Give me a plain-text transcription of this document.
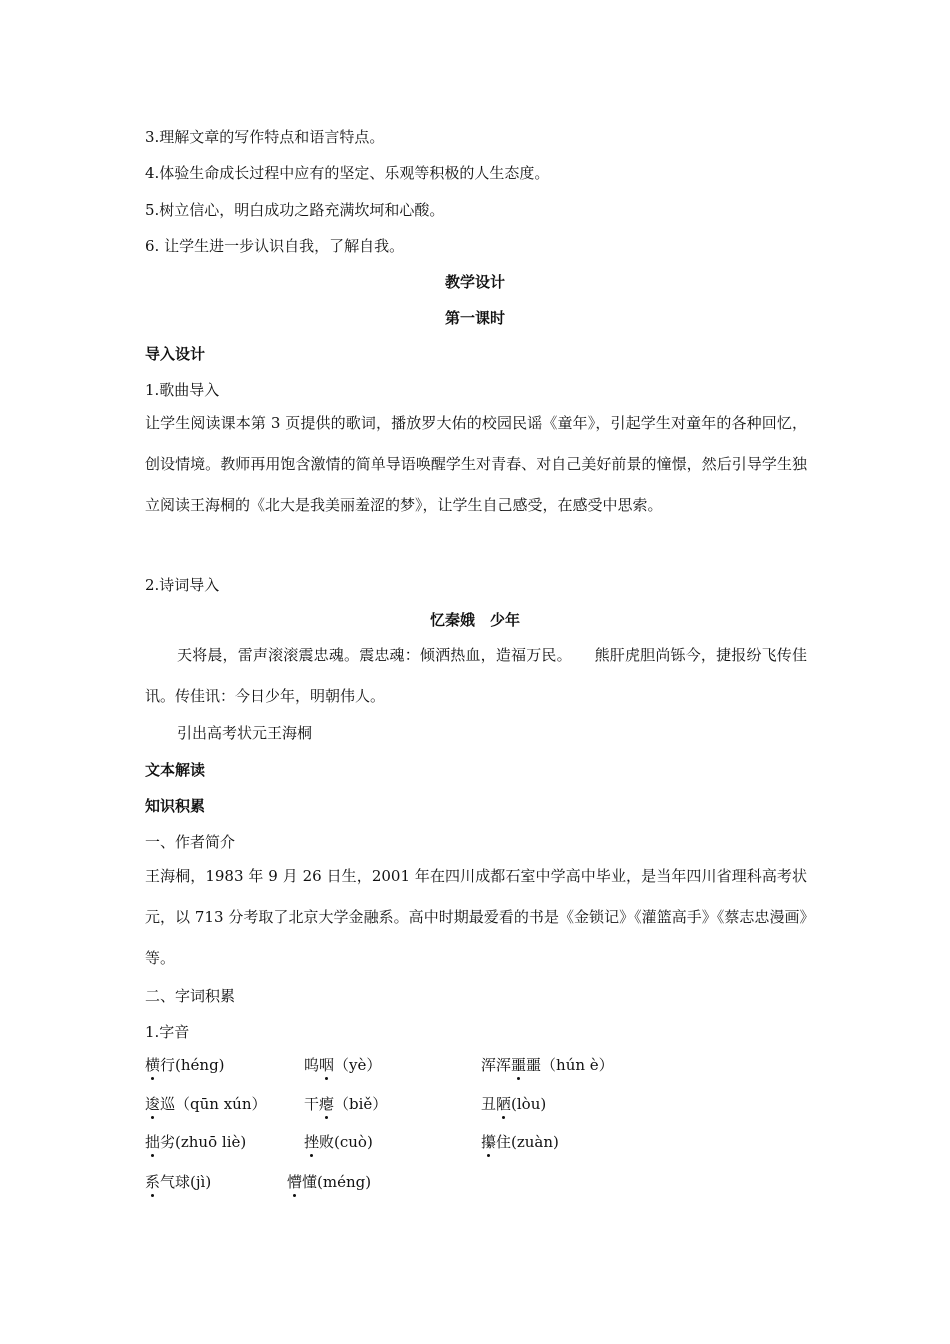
3.理解文章的写作特点和语言特点。
4.体验生命成长过程中应有的坚定、乐观等积极的人生态度。
5.树立信心，明白成功之路充满坎坷和心酸。
6. 让学生进一步认识自我，了解自我。
教学设计
第一课时
导入设计
1.歌曲导入
让学生阅读课本第 3 页提供的歌词，播放罗大佑的校园民谣《童年》，引起学生对童年的各种回忆，创设情境。教师再用饱含激情的简单导语唤醒学生对青春、对自己美好前景的憧憬，然后引导学生独立阅读王海桐的《北大是我美丽羞涩的梦》，让学生自己感受，在感受中思索。
2.诗词导入
忆秦娥　少年
天将晨，雷声滚滚震忠魂。震忠魂：倾洒热血，造福万民。　　熊肝虎胆尚铄今，捷报纷飞传佳讯。传佳讯：今日少年，明朝伟人。
引出高考状元王海桐
文本解读
知识积累
一、作者简介
王海桐，1983 年 9 月 26 日生，2001 年在四川成都石室中学高中毕业，是当年四川省理科高考状元，以 713 分考取了北京大学金融系。高中时期最爱看的书是《金锁记》《灌篮高手》《蔡志忠漫画》等。
二、字词积累
1.字音
横行(héng)	呜咽（yè）	浑浑噩噩（hún è）
逡巡（qūn xún）	干瘪（biě）	丑陋(lòu)
拙劣(zhuō liè)	挫败(cuò)	攥住(zuàn)
系气球(jì)	懵懂(méng)
